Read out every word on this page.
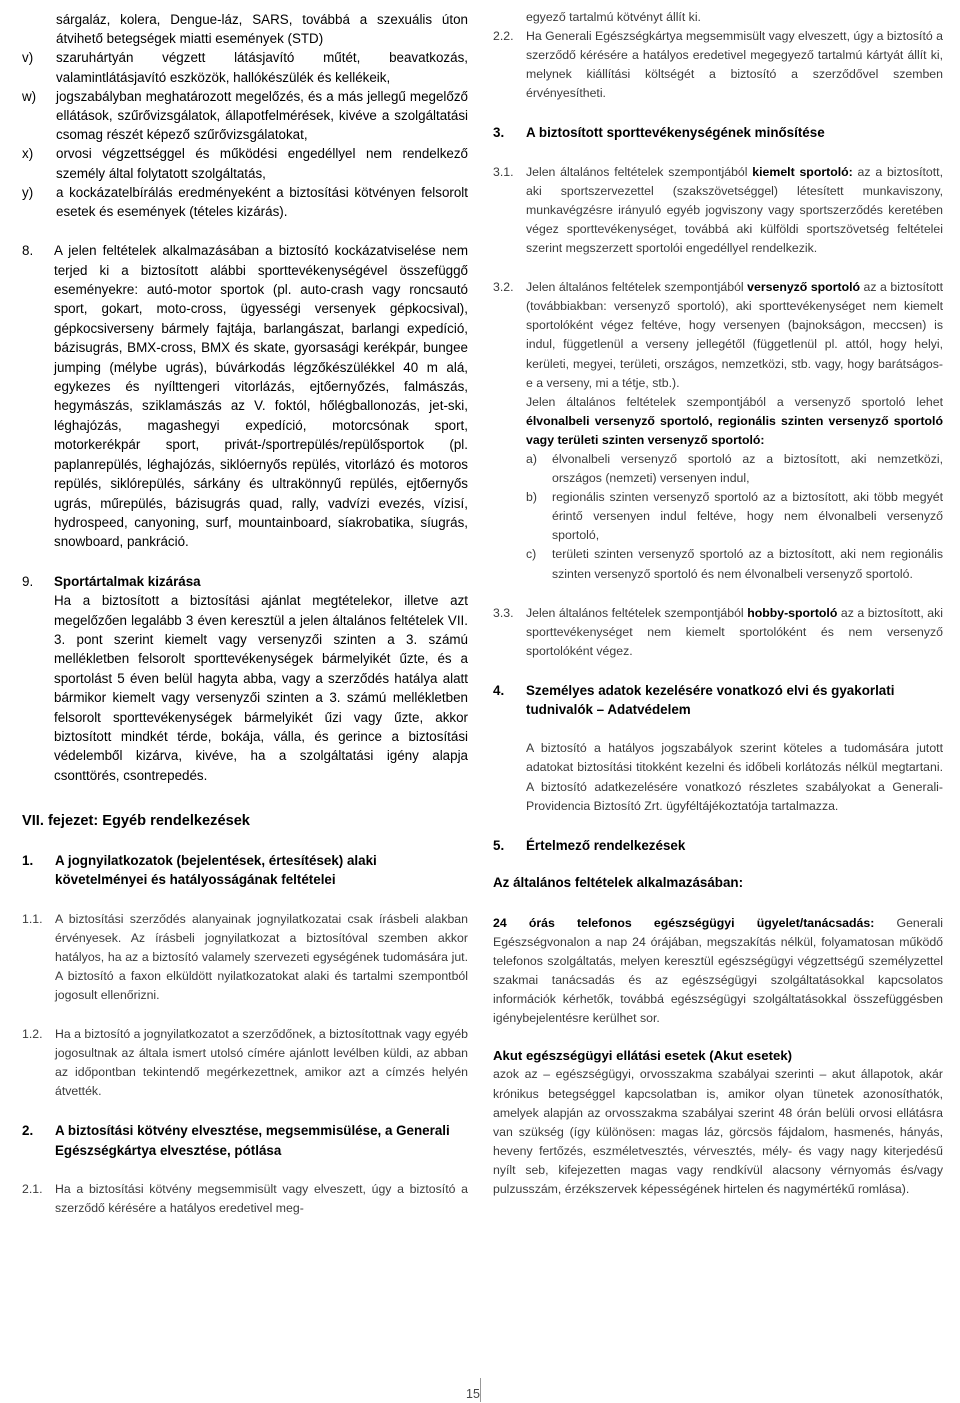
sárgaláz, kolera, Dengue-láz, SARS, továbbá a szexuális úton átvihető betegségek miatti események (STD)

v)	szaruhártyán végzett látásjavító műtét, beavatkozás, valamintlátásjavító eszközök, hallókészülék és kellékeik,

w)	jogszabályban meghatározott megelőzés, és a más jellegű megelőző ellátások, szűrővizsgálatok, állapotfelmérések, kivéve a szolgáltatási csomag részét képező szűrővizsgálatokat,

x)	orvosi végzettséggel és működési engedéllyel nem rendelkező személy által folytatott szolgáltatás,

y)	a kockázatelbírálás eredményeként a biztosítási kötvényen felsorolt esetek és események (tételes kizárás).

8.	A jelen feltételek alkalmazásában a biztosító kockázatviselése nem terjed ki a biztosított alábbi sporttevékenységével összefüggő eseményekre: autó-motor sportok (pl. auto-crash vagy roncsautó sport, gokart, moto-cross, ügyességi versenyek gépkocsival), gépkocsiverseny bármely fajtája, barlangászat, barlangi expedíció, bázisugrás, BMX-cross, BMX és skate, gyorsasági kerékpár, bungee jumping (mélybe ugrás), búvárkodás légzőkészülékkel 40 m alá, egykezes és nyílttengeri vitorlázás, ejtőernyőzés, falmászás, hegymászás, sziklamászás az V. foktól, hőlégballonozás, jet-ski, léghajózás, magashegyi expedíció, motorcsónak sport, motorkerékpár sport, privát-/sportrepülés/repülősportok (pl. paplanrepülés, léghajózás, siklóernyős repülés, vitorlázó és motoros repülés, siklórepülés, sárkány és ultrakönnyű repülés, ejtőernyős ugrás, műrepülés, bázisugrás quad, rally, vadvízi evezés, vízisí, hydrospeed, canyoning, surf, mountainboard, síakrobatika, síugrás, snowboard, pankráció.

9.	Sportártalmak kizárása

Ha a biztosított a biztosítási ajánlat megtételekor, illetve azt megelőzően legalább 3 éven keresztül a jelen általános feltételek VII. 3. pont szerint kiemelt vagy versenyzői szinten a 3. számú mellékletben felsorolt sporttevékenységek bármelyikét űzte, és a sportolást 5 éven belül hagyta abba, vagy a szerződés hatálya alatt bármikor kiemelt vagy versenyzői szinten a 3. számú mellékletben felsorolt sporttevékenységek bármelyikét űzi vagy űzte, akkor biztosított mindkét térde, bokája, válla, és gerince a biztosítási védelemből kizárva, kivéve, ha a szolgáltatási igény alapja csonttörés, csontrepedés.

VII. fejezet: Egyéb rendelkezések

1.	A jognyilatkozatok (bejelentések, értesítések) alaki követelményei és hatályosságának feltételei

1.1.	A biztosítási szerződés alanyainak jognyilatkozatai csak írásbeli alakban érvényesek. Az írásbeli jognyilatkozat a biztosítóval szemben akkor hatályos, ha az a biztosító valamely szervezeti egységének tudomására jut. A biztosító a faxon elküldött nyilatkozatokat alaki és tartalmi szempontból jogosult ellenőrizni.

1.2.	Ha a biztosító a jognyilatkozatot a szerződőnek, a biztosítottnak vagy egyéb jogosultnak az általa ismert utolsó címére ajánlott levélben küldi, az abban az időpontban tekintendő megérkezettnek, amikor azt a címzés helyén átvették.

2.	A biztosítási kötvény elvesztése, megsemmisülése, a Generali Egészségkártya elvesztése, pótlása

2.1.	Ha a biztosítási kötvény megsemmisült vagy elveszett, úgy a biztosító a szerződő kérésére a hatályos eredetivel meg-

egyező tartalmú kötvényt állít ki.

2.2.	Ha Generali Egészségkártya megsemmisült vagy elveszett, úgy a biztosító a szerződő kérésére a hatályos eredetivel megegyező tartalmú kártyát állít ki, melynek kiállítási költségét a biztosító a szerződővel szemben érvényesítheti.

3.	A biztosított sporttevékenységének minősítése

3.1.	Jelen általános feltételek szempontjából kiemelt sportoló: az a biztosított, aki sportszervezettel (szakszövetséggel) létesített munkaviszony, munkavégzésre irányuló egyéb jogviszony vagy sportszerződés keretében végez sporttevékenységet, továbbá aki külföldi sportszövetség feltételei szerint megszerzett sportolói engedéllyel rendelkezik.

3.2.	Jelen általános feltételek szempontjából versenyző sportoló az a biztosított (továbbiakban: versenyző sportoló), aki sporttevékenységet nem kiemelt sportolóként végez feltéve, hogy versenyen (bajnokságon, meccsen) is indul, függetlenül a verseny jellegétől (függetlenül pl. attól, hogy helyi, kerületi, megyei, területi, országos, nemzetközi, stb. vagy, hogy barátságos-e a verseny, mi a tétje, stb.).

Jelen általános feltételek szempontjából a versenyző sportoló lehet élvonalbeli versenyző sportoló, regionális szinten versenyző sportoló vagy területi szinten versenyző sportoló:

a)	élvonalbeli versenyző sportoló az a biztosított, aki nemzetközi, országos (nemzeti) versenyen indul,

b)	regionális szinten versenyző sportoló az a biztosított, aki több megyét érintő versenyen indul feltéve, hogy nem élvonalbeli versenyző sportoló,

c)	területi szinten versenyző sportoló az a biztosított, aki nem regionális szinten versenyző sportoló és nem élvonalbeli versenyző sportoló.

3.3.	Jelen általános feltételek szempontjából hobby-sportoló az a biztosított, aki sporttevékenységet nem kiemelt sportolóként és nem versenyző sportolóként végez.

4.	Személyes adatok kezelésére vonatkozó elvi és gyakorlati tudnivalók – Adatvédelem

A biztosító a hatályos jogszabályok szerint köteles a tudomására jutott adatokat biztosítási titokként kezelni és időbeli korlátozás nélkül megtartani. A biztosító adatkezelésére vonatkozó részletes szabályokat a Generali-Providencia Biztosító Zrt. ügyféltájékoztatója tartalmazza.

5.	Értelmező rendelkezések

Az általános feltételek alkalmazásában:

24 órás telefonos egészségügyi ügyelet/tanácsadás: Generali Egészségvonalon a nap 24 órájában, megszakítás nélkül, folyamatosan működő telefonos szolgáltatás, melyen keresztül egészségügyi végzettségű személyzettel szakmai tanácsadás és az egészségügyi szolgáltatásokkal kapcsolatos információk kérhetők, továbbá egészségügyi szolgáltatásokkal összefüggésben igénybejelentésre kerülhet sor.

Akut egészségügyi ellátási esetek (Akut esetek)

azok az – egészségügyi, orvosszakma szabályai szerinti – akut állapotok, akár krónikus betegséggel kapcsolatban is, amikor olyan tünetek azonosíthatók, amelyek alapján az orvosszakma szabályai szerint 48 órán belüli orvosi ellátásra van szükség (így különösen: magas láz, görcsös fájdalom, hasmenés, hányás, heveny fertőzés, eszméletvesztés, vérvesztés, mély- és vagy nagy kiterjedésű nyílt seb, kifejezetten magas vagy rendkívül alacsony vérnyomás és/vagy pulzusszám, érzékszervek képességének hirtelen és nagymértékű romlása).

15
